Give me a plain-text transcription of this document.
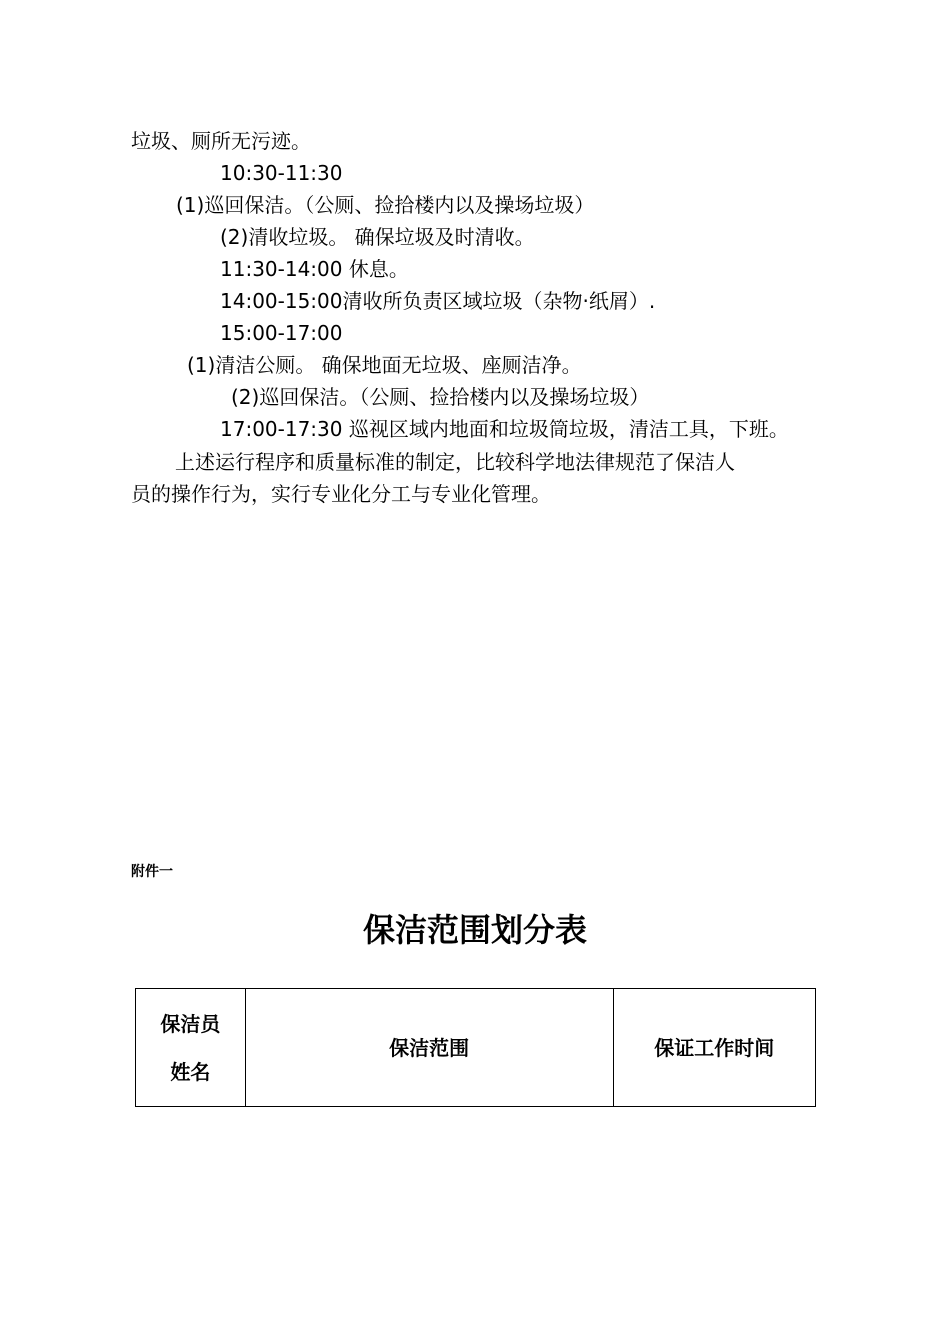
垃圾、厕所无污迹。
10:30-11:30
(1)巡回保洁。（公厕、捡拾楼内以及操场垃圾）
(2)清收垃圾。 确保垃圾及时清收。
11:30-14:00 休息。
14:00-15:00清收所负责区域垃圾（杂物·纸屑）.
15:00-17:00
(1)清洁公厕。 确保地面无垃圾、座厕洁净。
(2)巡回保洁。（公厕、捡拾楼内以及操场垃圾）
17:00-17:30 巡视区域内地面和垃圾筒垃圾，清洁工具，下班。
上述运行程序和质量标准的制定，比较科学地法律规范了保洁人
员的操作行为，实行专业化分工与专业化管理。
附件一
保洁范围划分表
保洁员
姓名
	保洁范围	保证工作时间
